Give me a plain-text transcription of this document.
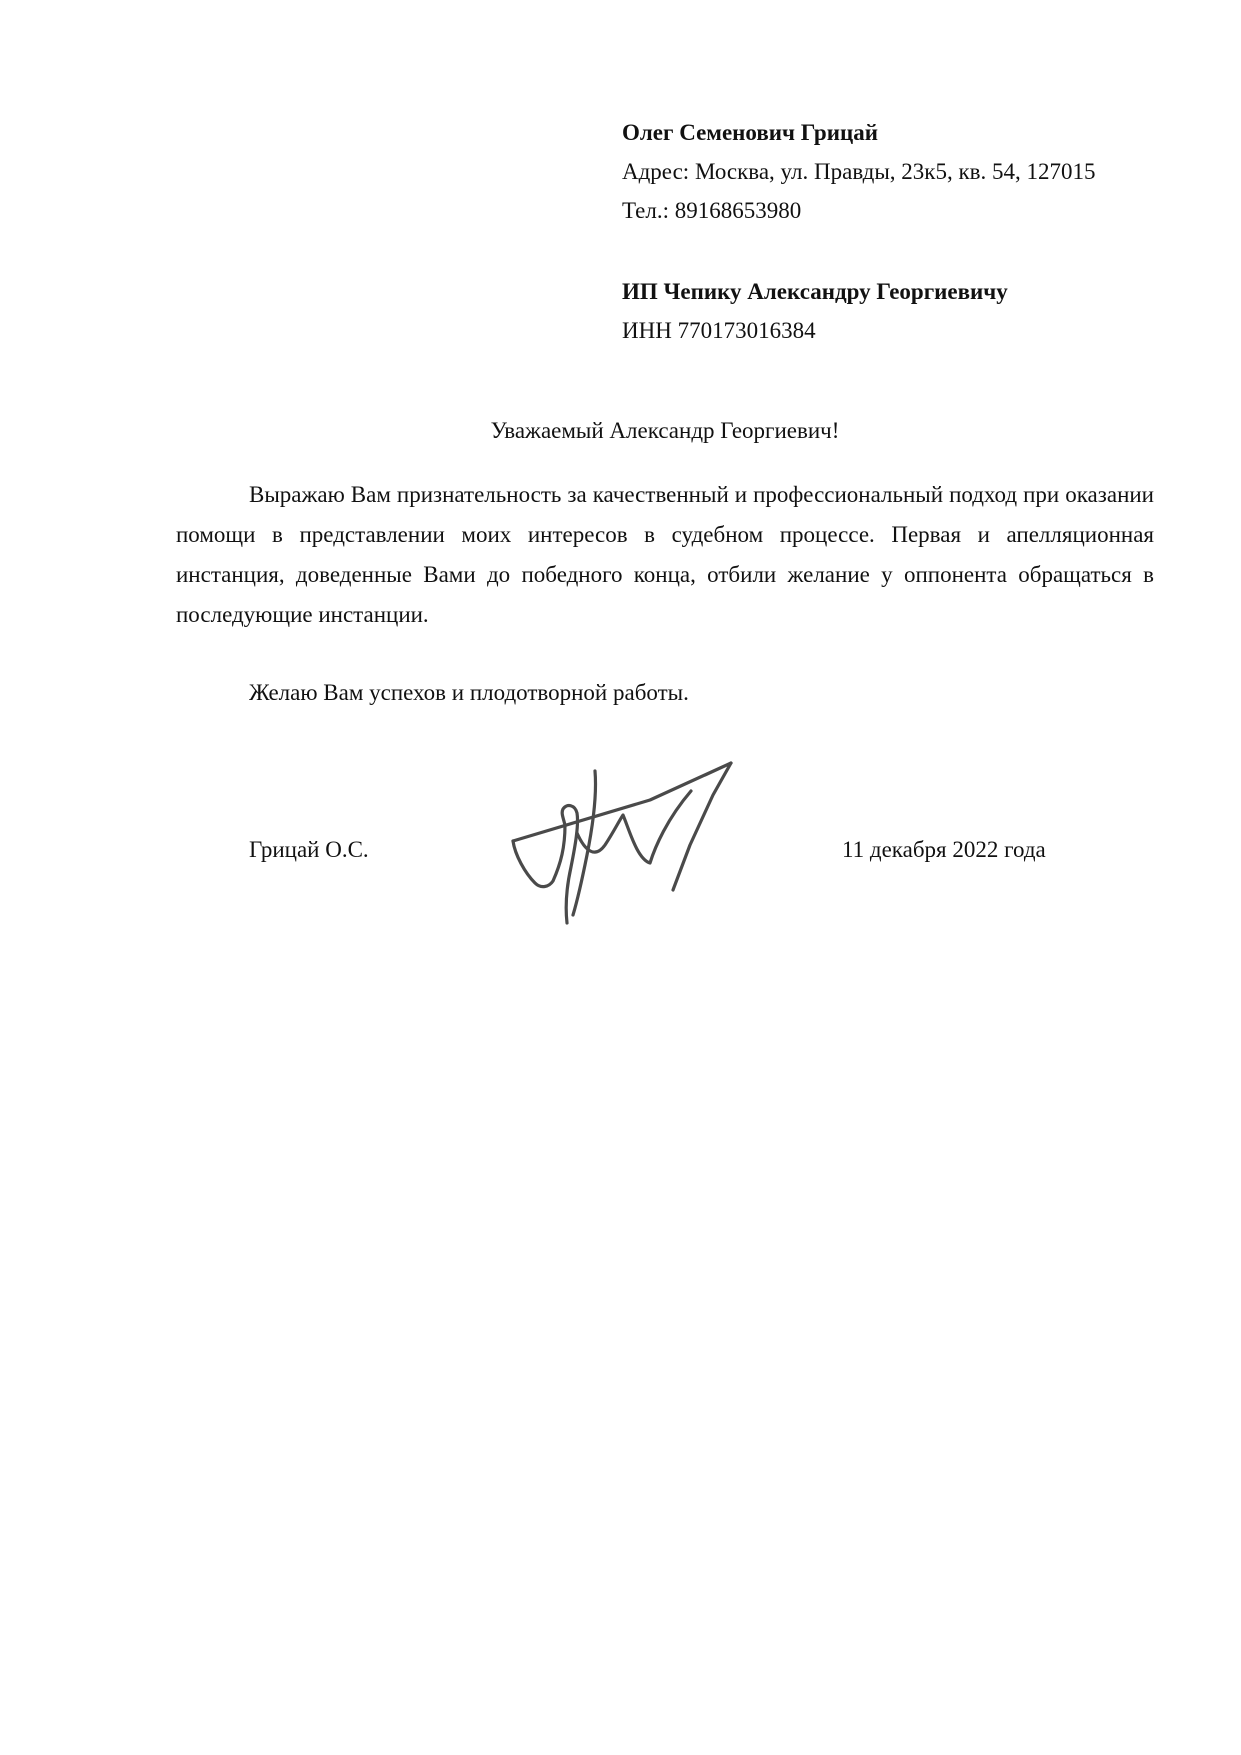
Олег Семенович Грицай
Адрес: Москва, ул. Правды, 23к5, кв. 54, 127015
Тел.: 89168653980
ИП Чепику Александру Георгиевичу
ИНН 770173016384
Уважаемый Александр Георгиевич!

Выражаю Вам признательность за качественный и профессиональный подход при оказании помощи в представлении моих интересов в судебном процессе. Первая и апелляционная инстанция, доведенные Вами до победного конца, отбили желание у оппонента обращаться в последующие инстанции.

Желаю Вам успехов и плодотворной работы.

Грицай О.С.	11 декабря 2022 года
